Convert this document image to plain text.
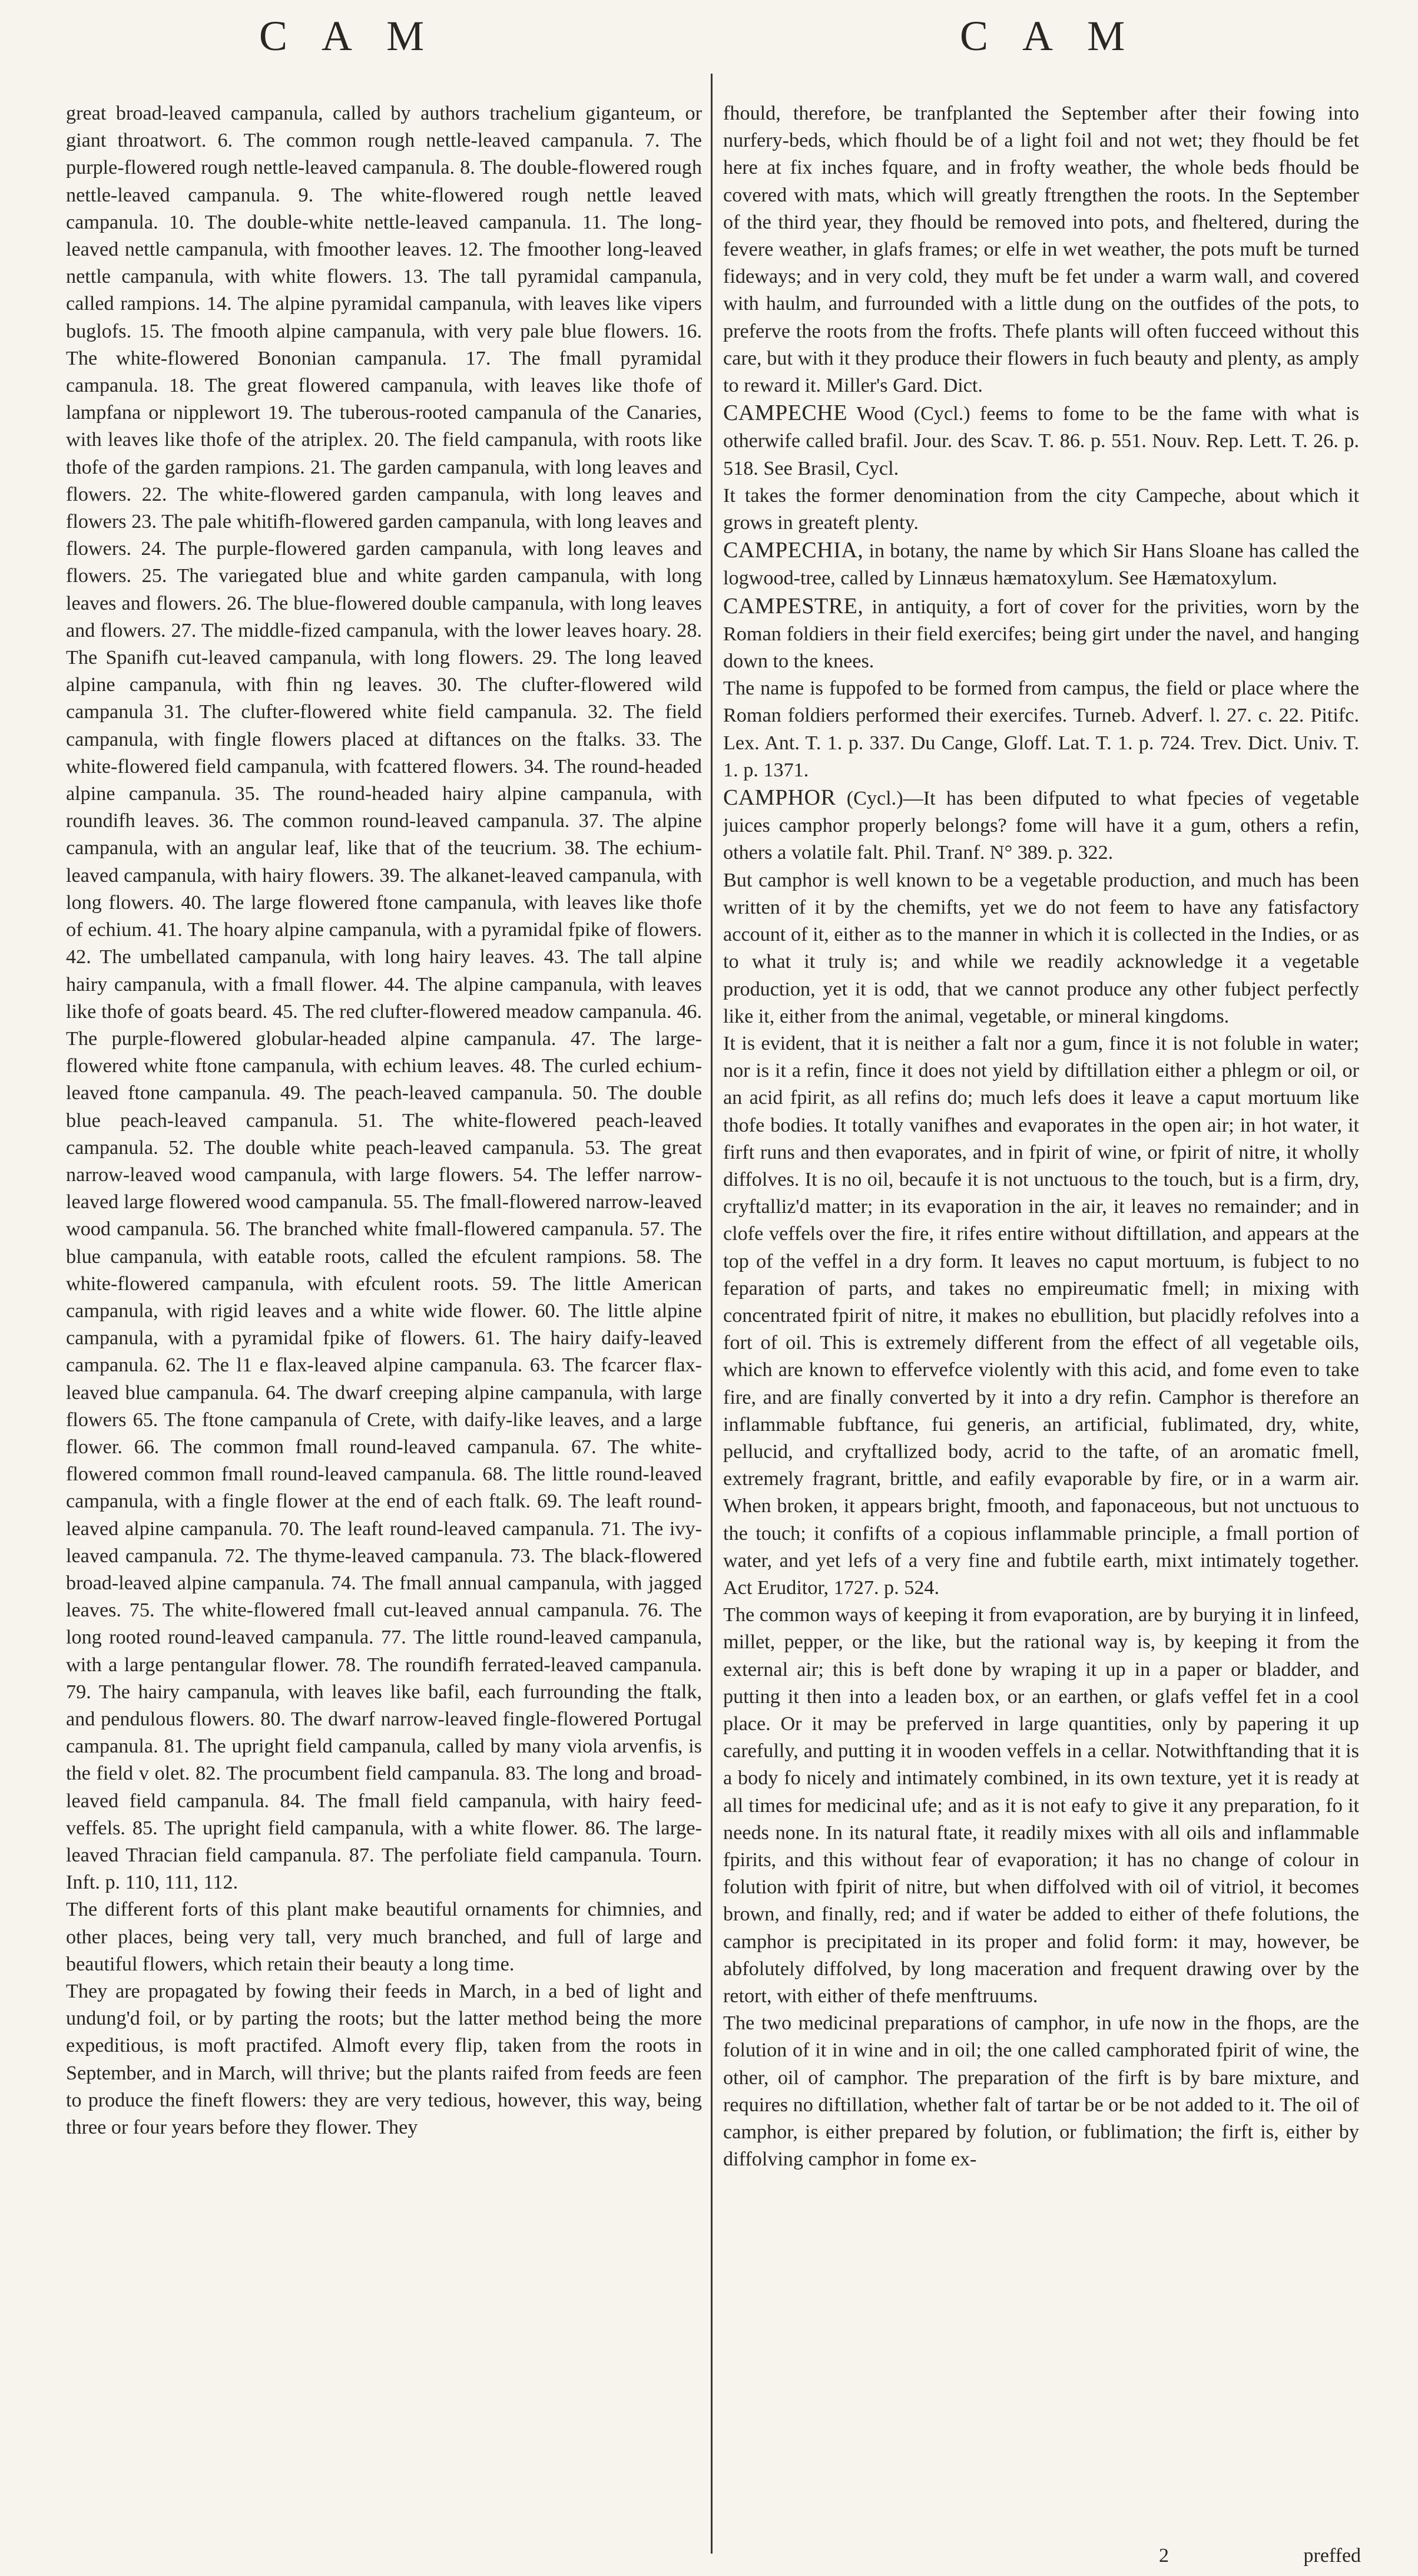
C A M	C A M

great broad-leaved campanula, called by authors trachelium giganteum, or giant throatwort. 6. The common rough nettle-leaved campanula. 7. The purple-flowered rough nettle-leaved campanula. 8. The double-flowered rough nettle-leaved campanula. 9. The white-flowered rough nettle leaved campanula. 10. The double-white nettle-leaved campanula. 11. The long-leaved nettle campanula, with fmoother leaves. 12. The fmoother long-leaved nettle campanula, with white flowers. 13. The tall pyramidal campanula, called rampions. 14. The alpine pyramidal campanula, with leaves like vipers buglofs. 15. The fmooth alpine campanula, with very pale blue flowers. 16. The white-flowered Bononian campanula. 17. The fmall pyramidal campanula. 18. The great flowered campanula, with leaves like thofe of lampfana or nipplewort 19. The tuberous-rooted campanula of the Canaries, with leaves like thofe of the atriplex. 20. The field campanula, with roots like thofe of the garden rampions. 21. The garden campanula, with long leaves and flowers. 22. The white-flowered garden campanula, with long leaves and flowers 23. The pale whitifh-flowered garden campanula, with long leaves and flowers. 24. The purple-flowered garden campanula, with long leaves and flowers. 25. The variegated blue and white garden campanula, with long leaves and flowers. 26. The blue-flowered double campanula, with long leaves and flowers. 27. The middle-fized campanula, with the lower leaves hoary. 28. The Spanifh cut-leaved campanula, with long flowers. 29. The long leaved alpine campanula, with fhin ng leaves. 30. The clufter-flowered wild campanula 31. The clufter-flowered white field campanula. 32. The field campanula, with fingle flowers placed at diftances on the ftalks. 33. The white-flowered field campanula, with fcattered flowers. 34. The round-headed alpine campanula. 35. The round-headed hairy alpine campanula, with roundifh leaves. 36. The common round-leaved campanula. 37. The alpine campanula, with an angular leaf, like that of the teucrium. 38. The echium-leaved campanula, with hairy flowers. 39. The alkanet-leaved campanula, with long flowers. 40. The large flowered ftone campanula, with leaves like thofe of echium. 41. The hoary alpine campanula, with a pyramidal fpike of flowers. 42. The umbellated campanula, with long hairy leaves. 43. The tall alpine hairy campanula, with a fmall flower. 44. The alpine campanula, with leaves like thofe of goats beard. 45. The red clufter-flowered meadow campanula. 46. The purple-flowered globular-headed alpine campanula. 47. The large-flowered white ftone campanula, with echium leaves. 48. The curled echium-leaved ftone campanula. 49. The peach-leaved campanula. 50. The double blue peach-leaved campanula. 51. The white-flowered peach-leaved campanula. 52. The double white peach-leaved campanula. 53. The great narrow-leaved wood campanula, with large flowers. 54. The leffer narrow-leaved large flowered wood campanula. 55. The fmall-flowered narrow-leaved wood campanula. 56. The branched white fmall-flowered campanula. 57. The blue campanula, with eatable roots, called the efculent rampions. 58. The white-flowered campanula, with efculent roots. 59. The little American campanula, with rigid leaves and a white wide flower. 60. The little alpine campanula, with a pyramidal fpike of flowers. 61. The hairy daify-leaved campanula. 62. The l1 e flax-leaved alpine campanula. 63. The fcarcer flax-leaved blue campanula. 64. The dwarf creeping alpine campanula, with large flowers 65. The ftone campanula of Crete, with daify-like leaves, and a large flower. 66. The common fmall round-leaved campanula. 67. The white-flowered common fmall round-leaved campanula. 68. The little round-leaved campanula, with a fingle flower at the end of each ftalk. 69. The leaft round-leaved alpine campanula. 70. The leaft round-leaved campanula. 71. The ivy-leaved campanula. 72. The thyme-leaved campanula. 73. The black-flowered broad-leaved alpine campanula. 74. The fmall annual campanula, with jagged leaves. 75. The white-flowered fmall cut-leaved annual campanula. 76. The long rooted round-leaved campanula. 77. The little round-leaved campanula, with a large pentangular flower. 78. The roundifh ferrated-leaved campanula. 79. The hairy campanula, with leaves like bafil, each furrounding the ftalk, and pendulous flowers. 80. The dwarf narrow-leaved fingle-flowered Portugal campanula. 81. The upright field campanula, called by many viola arvenfis, is the field v olet. 82. The procumbent field campanula. 83. The long and broad-leaved field campanula. 84. The fmall field campanula, with hairy feed-veffels. 85. The upright field campanula, with a white flower. 86. The large-leaved Thracian field campanula. 87. The perfoliate field campanula. Tourn. Inft. p. 110, 111, 112.

The different forts of this plant make beautiful ornaments for chimnies, and other places, being very tall, very much branched, and full of large and beautiful flowers, which retain their beauty a long time.

They are propagated by fowing their feeds in March, in a bed of light and undung'd foil, or by parting the roots; but the latter method being the more expeditious, is moft practifed. Almoft every flip, taken from the roots in September, and in March, will thrive; but the plants raifed from feeds are feen to produce the fineft flowers: they are very tedious, however, this way, being three or four years before they flower. They

fhould, therefore, be tranfplanted the September after their fowing into nurfery-beds, which fhould be of a light foil and not wet; they fhould be fet here at fix inches fquare, and in frofty weather, the whole beds fhould be covered with mats, which will greatly ftrengthen the roots. In the September of the third year, they fhould be removed into pots, and fheltered, during the fevere weather, in glafs frames; or elfe in wet weather, the pots muft be turned fideways; and in very cold, they muft be fet under a warm wall, and covered with haulm, and furrounded with a little dung on the outfides of the pots, to preferve the roots from the frofts. Thefe plants will often fucceed without this care, but with it they produce their flowers in fuch beauty and plenty, as amply to reward it. Miller's Gard. Dict.

CAMPECHE Wood (Cycl.) feems to fome to be the fame with what is otherwife called brafil. Jour. des Scav. T. 86. p. 551. Nouv. Rep. Lett. T. 26. p. 518. See Brasil, Cycl.

It takes the former denomination from the city Campeche, about which it grows in greateft plenty.

CAMPECHIA, in botany, the name by which Sir Hans Sloane has called the logwood-tree, called by Linnæus hæmatoxylum. See Hæmatoxylum.

CAMPESTRE, in antiquity, a fort of cover for the privities, worn by the Roman foldiers in their field exercifes; being girt under the navel, and hanging down to the knees.

The name is fuppofed to be formed from campus, the field or place where the Roman foldiers performed their exercifes. Turneb. Adverf. l. 27. c. 22. Pitifc. Lex. Ant. T. 1. p. 337. Du Cange, Gloff. Lat. T. 1. p. 724. Trev. Dict. Univ. T. 1. p. 1371.

CAMPHOR (Cycl.)—It has been difputed to what fpecies of vegetable juices camphor properly belongs? fome will have it a gum, others a refin, others a volatile falt. Phil. Tranf. N° 389. p. 322.

But camphor is well known to be a vegetable production, and much has been written of it by the chemifts, yet we do not feem to have any fatisfactory account of it, either as to the manner in which it is collected in the Indies, or as to what it truly is; and while we readily acknowledge it a vegetable production, yet it is odd, that we cannot produce any other fubject perfectly like it, either from the animal, vegetable, or mineral kingdoms.

It is evident, that it is neither a falt nor a gum, fince it is not foluble in water; nor is it a refin, fince it does not yield by diftillation either a phlegm or oil, or an acid fpirit, as all refins do; much lefs does it leave a caput mortuum like thofe bodies. It totally vanifhes and evaporates in the open air; in hot water, it firft runs and then evaporates, and in fpirit of wine, or fpirit of nitre, it wholly diffolves. It is no oil, becaufe it is not unctuous to the touch, but is a firm, dry, cryftalliz'd matter; in its evaporation in the air, it leaves no remainder; and in clofe veffels over the fire, it rifes entire without diftillation, and appears at the top of the veffel in a dry form. It leaves no caput mortuum, is fubject to no feparation of parts, and takes no empireumatic fmell; in mixing with concentrated fpirit of nitre, it makes no ebullition, but placidly refolves into a fort of oil. This is extremely different from the effect of all vegetable oils, which are known to effervefce violently with this acid, and fome even to take fire, and are finally converted by it into a dry refin. Camphor is therefore an inflammable fubftance, fui generis, an artificial, fublimated, dry, white, pellucid, and cryftallized body, acrid to the tafte, of an aromatic fmell, extremely fragrant, brittle, and eafily evaporable by fire, or in a warm air. When broken, it appears bright, fmooth, and faponaceous, but not unctuous to the touch; it confifts of a copious inflammable principle, a fmall portion of water, and yet lefs of a very fine and fubtile earth, mixt intimately together. Act Eruditor, 1727. p. 524.

The common ways of keeping it from evaporation, are by burying it in linfeed, millet, pepper, or the like, but the rational way is, by keeping it from the external air; this is beft done by wraping it up in a paper or bladder, and putting it then into a leaden box, or an earthen, or glafs veffel fet in a cool place. Or it may be preferved in large quantities, only by papering it up carefully, and putting it in wooden veffels in a cellar. Notwithftanding that it is a body fo nicely and intimately combined, in its own texture, yet it is ready at all times for medicinal ufe; and as it is not eafy to give it any preparation, fo it needs none. In its natural ftate, it readily mixes with all oils and inflammable fpirits, and this without fear of evaporation; it has no change of colour in folution with fpirit of nitre, but when diffolved with oil of vitriol, it becomes brown, and finally, red; and if water be added to either of thefe folutions, the camphor is precipitated in its proper and folid form: it may, however, be abfolutely diffolved, by long maceration and frequent drawing over by the retort, with either of thefe menftruums.

The two medicinal preparations of camphor, in ufe now in the fhops, are the folution of it in wine and in oil; the one called camphorated fpirit of wine, the other, oil of camphor. The preparation of the firft is by bare mixture, and requires no diftillation, whether falt of tartar be or be not added to it. The oil of camphor, is either prepared by folution, or fublimation; the firft is, either by diffolving camphor in fome ex-

2	preffed
